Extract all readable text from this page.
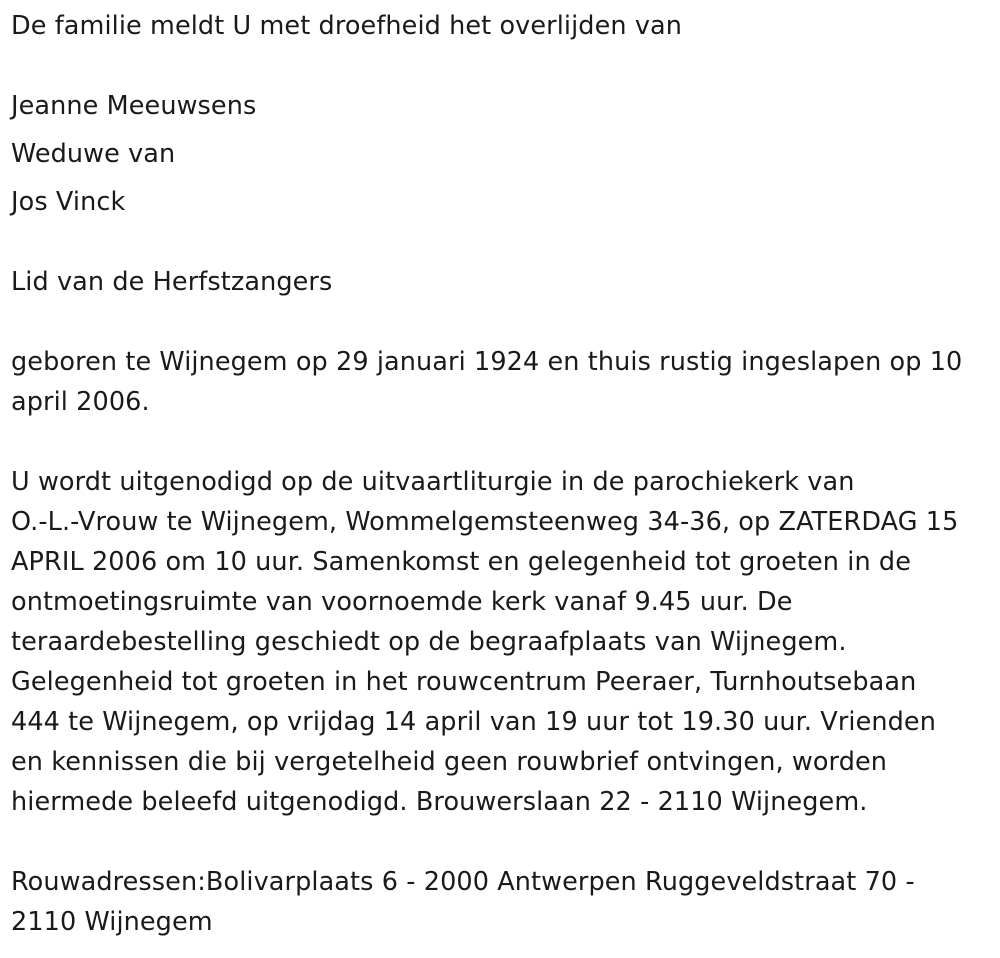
De familie meldt U met droefheid het overlijden van
Jeanne Meeuwsens
Weduwe van
Jos Vinck
Lid van de Herfstzangers
geboren te Wijnegem op 29 januari 1924 en thuis rustig ingeslapen op 10
april 2006.
U wordt uitgenodigd op de uitvaartliturgie in de parochiekerk van
O.-L.-Vrouw te Wijnegem, Wommelgemsteenweg 34-36, op ZATERDAG 15
APRIL 2006 om 10 uur. Samenkomst en gelegenheid tot groeten in de
ontmoetingsruimte van voornoemde kerk vanaf 9.45 uur. De
teraardebestelling geschiedt op de begraafplaats van Wijnegem.
Gelegenheid tot groeten in het rouwcentrum Peeraer, Turnhoutsebaan
444 te Wijnegem, op vrijdag 14 april van 19 uur tot 19.30 uur. Vrienden
en kennissen die bij vergetelheid geen rouwbrief ontvingen, worden
hiermede beleefd uitgenodigd. Brouwerslaan 22 - 2110 Wijnegem.
Rouwadressen:Bolivarplaats 6 - 2000 Antwerpen Ruggeveldstraat 70 -
2110 Wijnegem
